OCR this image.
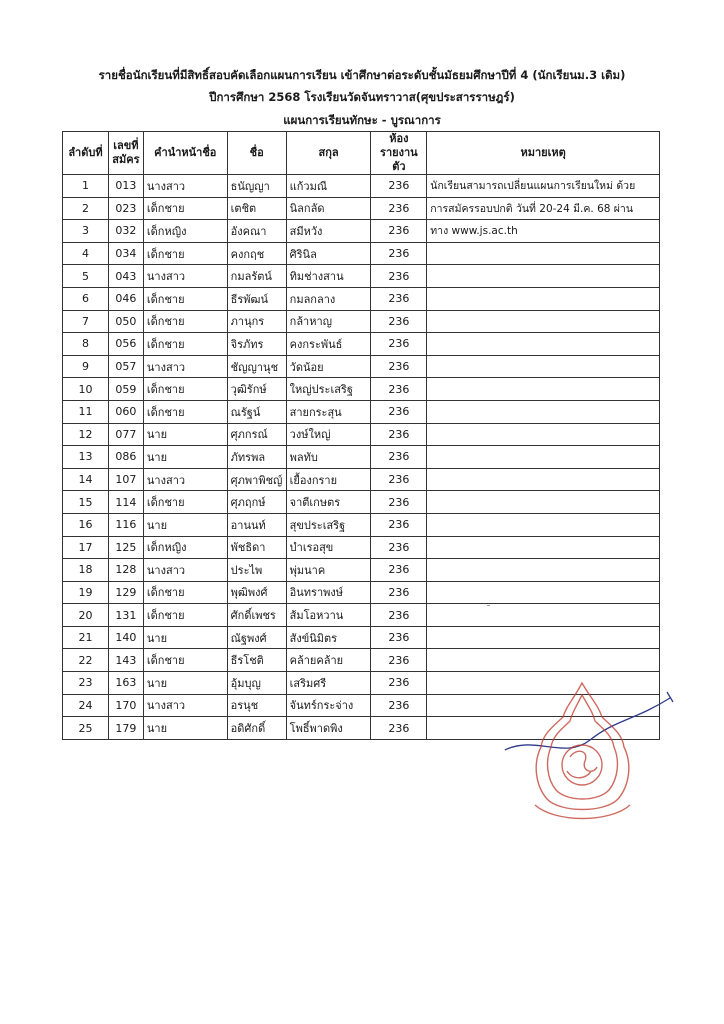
รายชื่อนักเรียนที่มีสิทธิ์สอบคัดเลือกแผนการเรียน เข้าศึกษาต่อระดับชั้นมัธยมศึกษาปีที่ 4 (นักเรียนม.3 เดิม)
ปีการศึกษา 2568 โรงเรียนวัดจันทราวาส(ศุขประสารราษฎร์)
แผนการเรียนทักษะ - บูรณาการ
ลำดับที่	เลขที่ สมัคร	คำนำหน้าชื่อ	ชื่อ	สกุล	ห้อง รายงานตัว	หมายเหตุ
1	013	นางสาว	ธนัญญา	แก้วมณี	236	นักเรียนสามารถเปลี่ยนแผนการเรียนใหม่ ด้วย
2	023	เด็กชาย	เตชิต	นิลกลัด	236	การสมัครรอบปกติ วันที่ 20-24 มี.ค. 68 ผ่าน
3	032	เด็กหญิง	อังคณา	สมีหวัง	236	ทาง www.js.ac.th
4	034	เด็กชาย	คงกฤช	ศิรินิล	236	
5	043	นางสาว	กมลรัตน์	ทิมช่างสาน	236	
6	046	เด็กชาย	ธีรพัฒน์	กมลกลาง	236	
7	050	เด็กชาย	ภานุกร	กล้าหาญ	236	
8	056	เด็กชาย	จิรภัทร	คงกระพันธ์	236	
9	057	นางสาว	ชัญญานุช	วัดน้อย	236	
10	059	เด็กชาย	วุฒิรักษ์	ใหญ่ประเสริฐ	236	
11	060	เด็กชาย	ณรัฐน์	สายกระสุน	236	
12	077	นาย	ศุภกรณ์	วงษ์ใหญ่	236	
13	086	นาย	ภัทรพล	พลทับ	236	
14	107	นางสาว	ศุภพาพิชญ์	เยื้องกราย	236	
15	114	เด็กชาย	ศุภฤกษ์	จาตีเกษตร	236	
16	116	นาย	อานนท์	สุขประเสริฐ	236	
17	125	เด็กหญิง	พัชธิดา	บำเรอสุข	236	
18	128	นางสาว	ประไพ	พุ่มนาค	236	
19	129	เด็กชาย	พุฒิพงศ์	อินทราพงษ์	236	
20	131	เด็กชาย	ศักดิ์เพชร	ส้มโอหวาน	236	
21	140	นาย	ณัฐพงศ์	สังข์นิมิตร	236	
22	143	เด็กชาย	ธีรโชติ	คล้ายคล้าย	236	
23	163	นาย	อุ้มบุญ	เสริมศรี	236	
24	170	นางสาว	อรนุช	จันทร์กระจ่าง	236	
25	179	นาย	อดิศักดิ์	โพธิ์พาดพิง	236	
